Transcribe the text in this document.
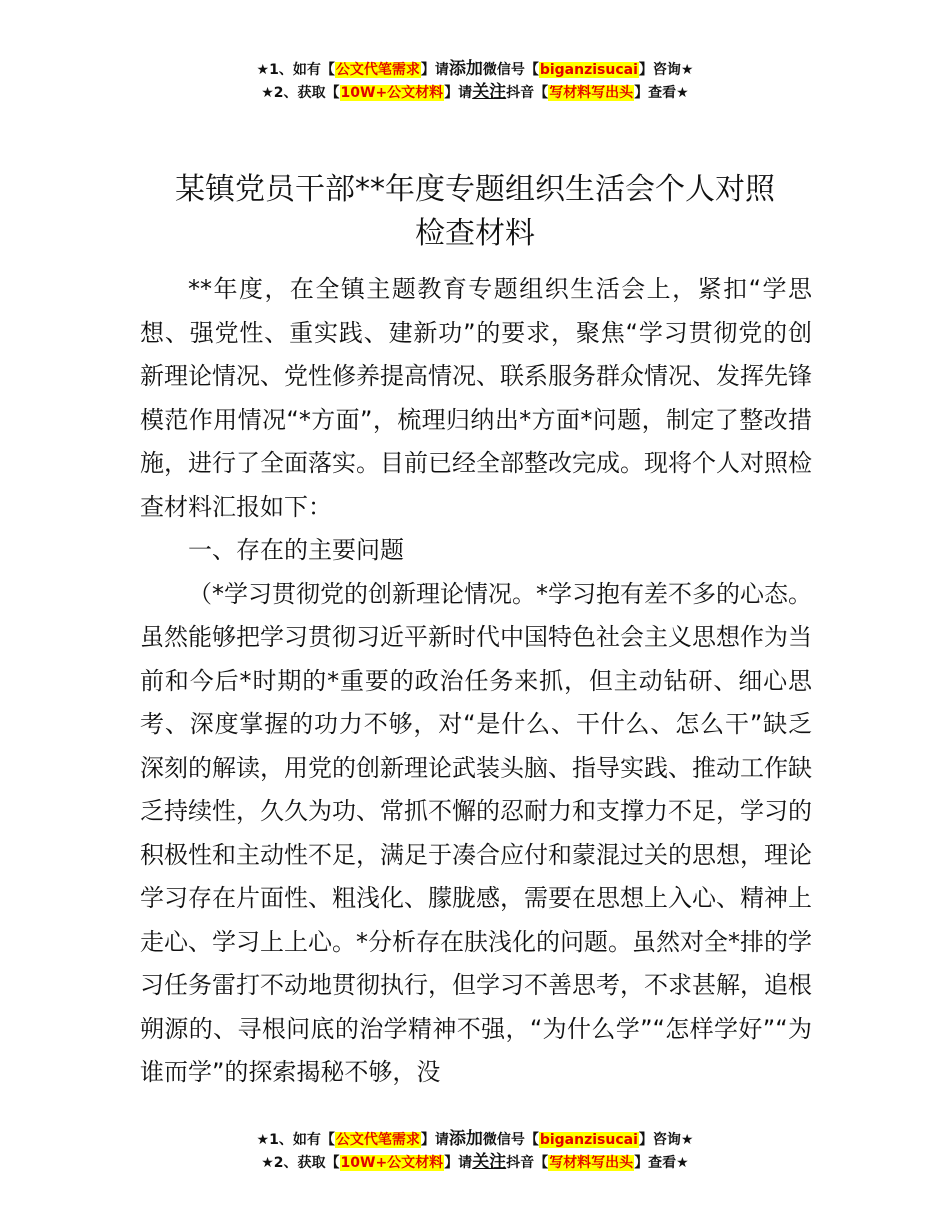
★1、如有【公文代笔需求】请添加微信号【biganzisucai】咨询★
★2、获取【10W+公文材料】请关注抖音【写材料写出头】查看★
某镇党员干部**年度专题组织生活会个人对照
检查材料

**年度，在全镇主题教育专题组织生活会上，紧扣“学思想、强党性、重实践、建新功”的要求，聚焦“学习贯彻党的创新理论情况、党性修养提高情况、联系服务群众情况、发挥先锋模范作用情况“*方面”，梳理归纳出*方面*问题，制定了整改措施，进行了全面落实。目前已经全部整改完成。现将个人对照检查材料汇报如下：

一、存在的主要问题

（*学习贯彻党的创新理论情况。*学习抱有差不多的心态。虽然能够把学习贯彻习近平新时代中国特色社会主义思想作为当前和今后*时期的*重要的政治任务来抓，但主动钻研、细心思考、深度掌握的功力不够，对“是什么、干什么、怎么干”缺乏深刻的解读，用党的创新理论武装头脑、指导实践、推动工作缺乏持续性，久久为功、常抓不懈的忍耐力和支撑力不足，学习的积极性和主动性不足，满足于凑合应付和蒙混过关的思想，理论学习存在片面性、粗浅化、朦胧感，需要在思想上入心、精神上走心、学习上上心。*分析存在肤浅化的问题。虽然对全*排的学习任务雷打不动地贯彻执行，但学习不善思考，不求甚解，追根朔源的、寻根问底的治学精神不强，“为什么学”“怎样学好”“为谁而学”的探索揭秘不够，没

★1、如有【公文代笔需求】请添加微信号【biganzisucai】咨询★
★2、获取【10W+公文材料】请关注抖音【写材料写出头】查看★
